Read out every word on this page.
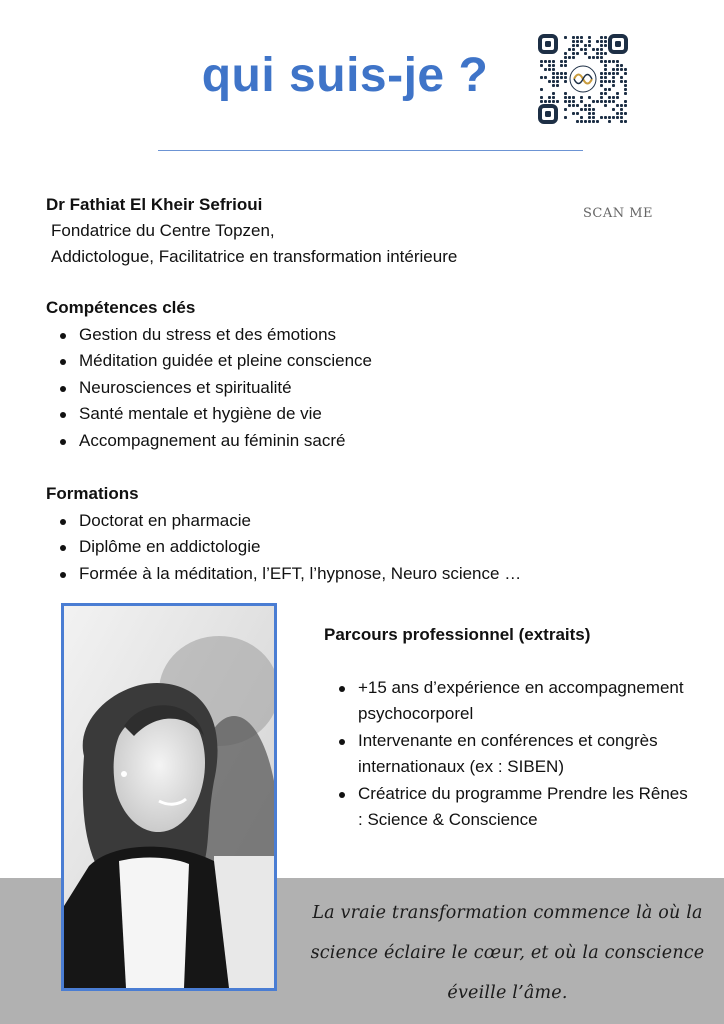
qui suis-je ?
SCAN ME
Dr Fathiat El Kheir Sefrioui
Fondatrice du Centre Topzen,
Addictologue, Facilitatrice en transformation intérieure
Compétences clés
Gestion du stress et des émotions
Méditation guidée et pleine conscience
Neurosciences et spiritualité
Santé mentale et hygiène de vie
Accompagnement au féminin sacré
Formations
Doctorat en pharmacie
Diplôme en addictologie
Formée à la méditation, l’EFT, l’hypnose, Neuro science …
Parcours professionnel (extraits)
+15 ans d’expérience en accompagnement psychocorporel
Intervenante en conférences et congrès internationaux (ex : SIBEN)
Créatrice du programme Prendre les Rênes : Science & Conscience
La vraie transformation commence là où la
science éclaire le cœur, et où la conscience
éveille l’âme.
